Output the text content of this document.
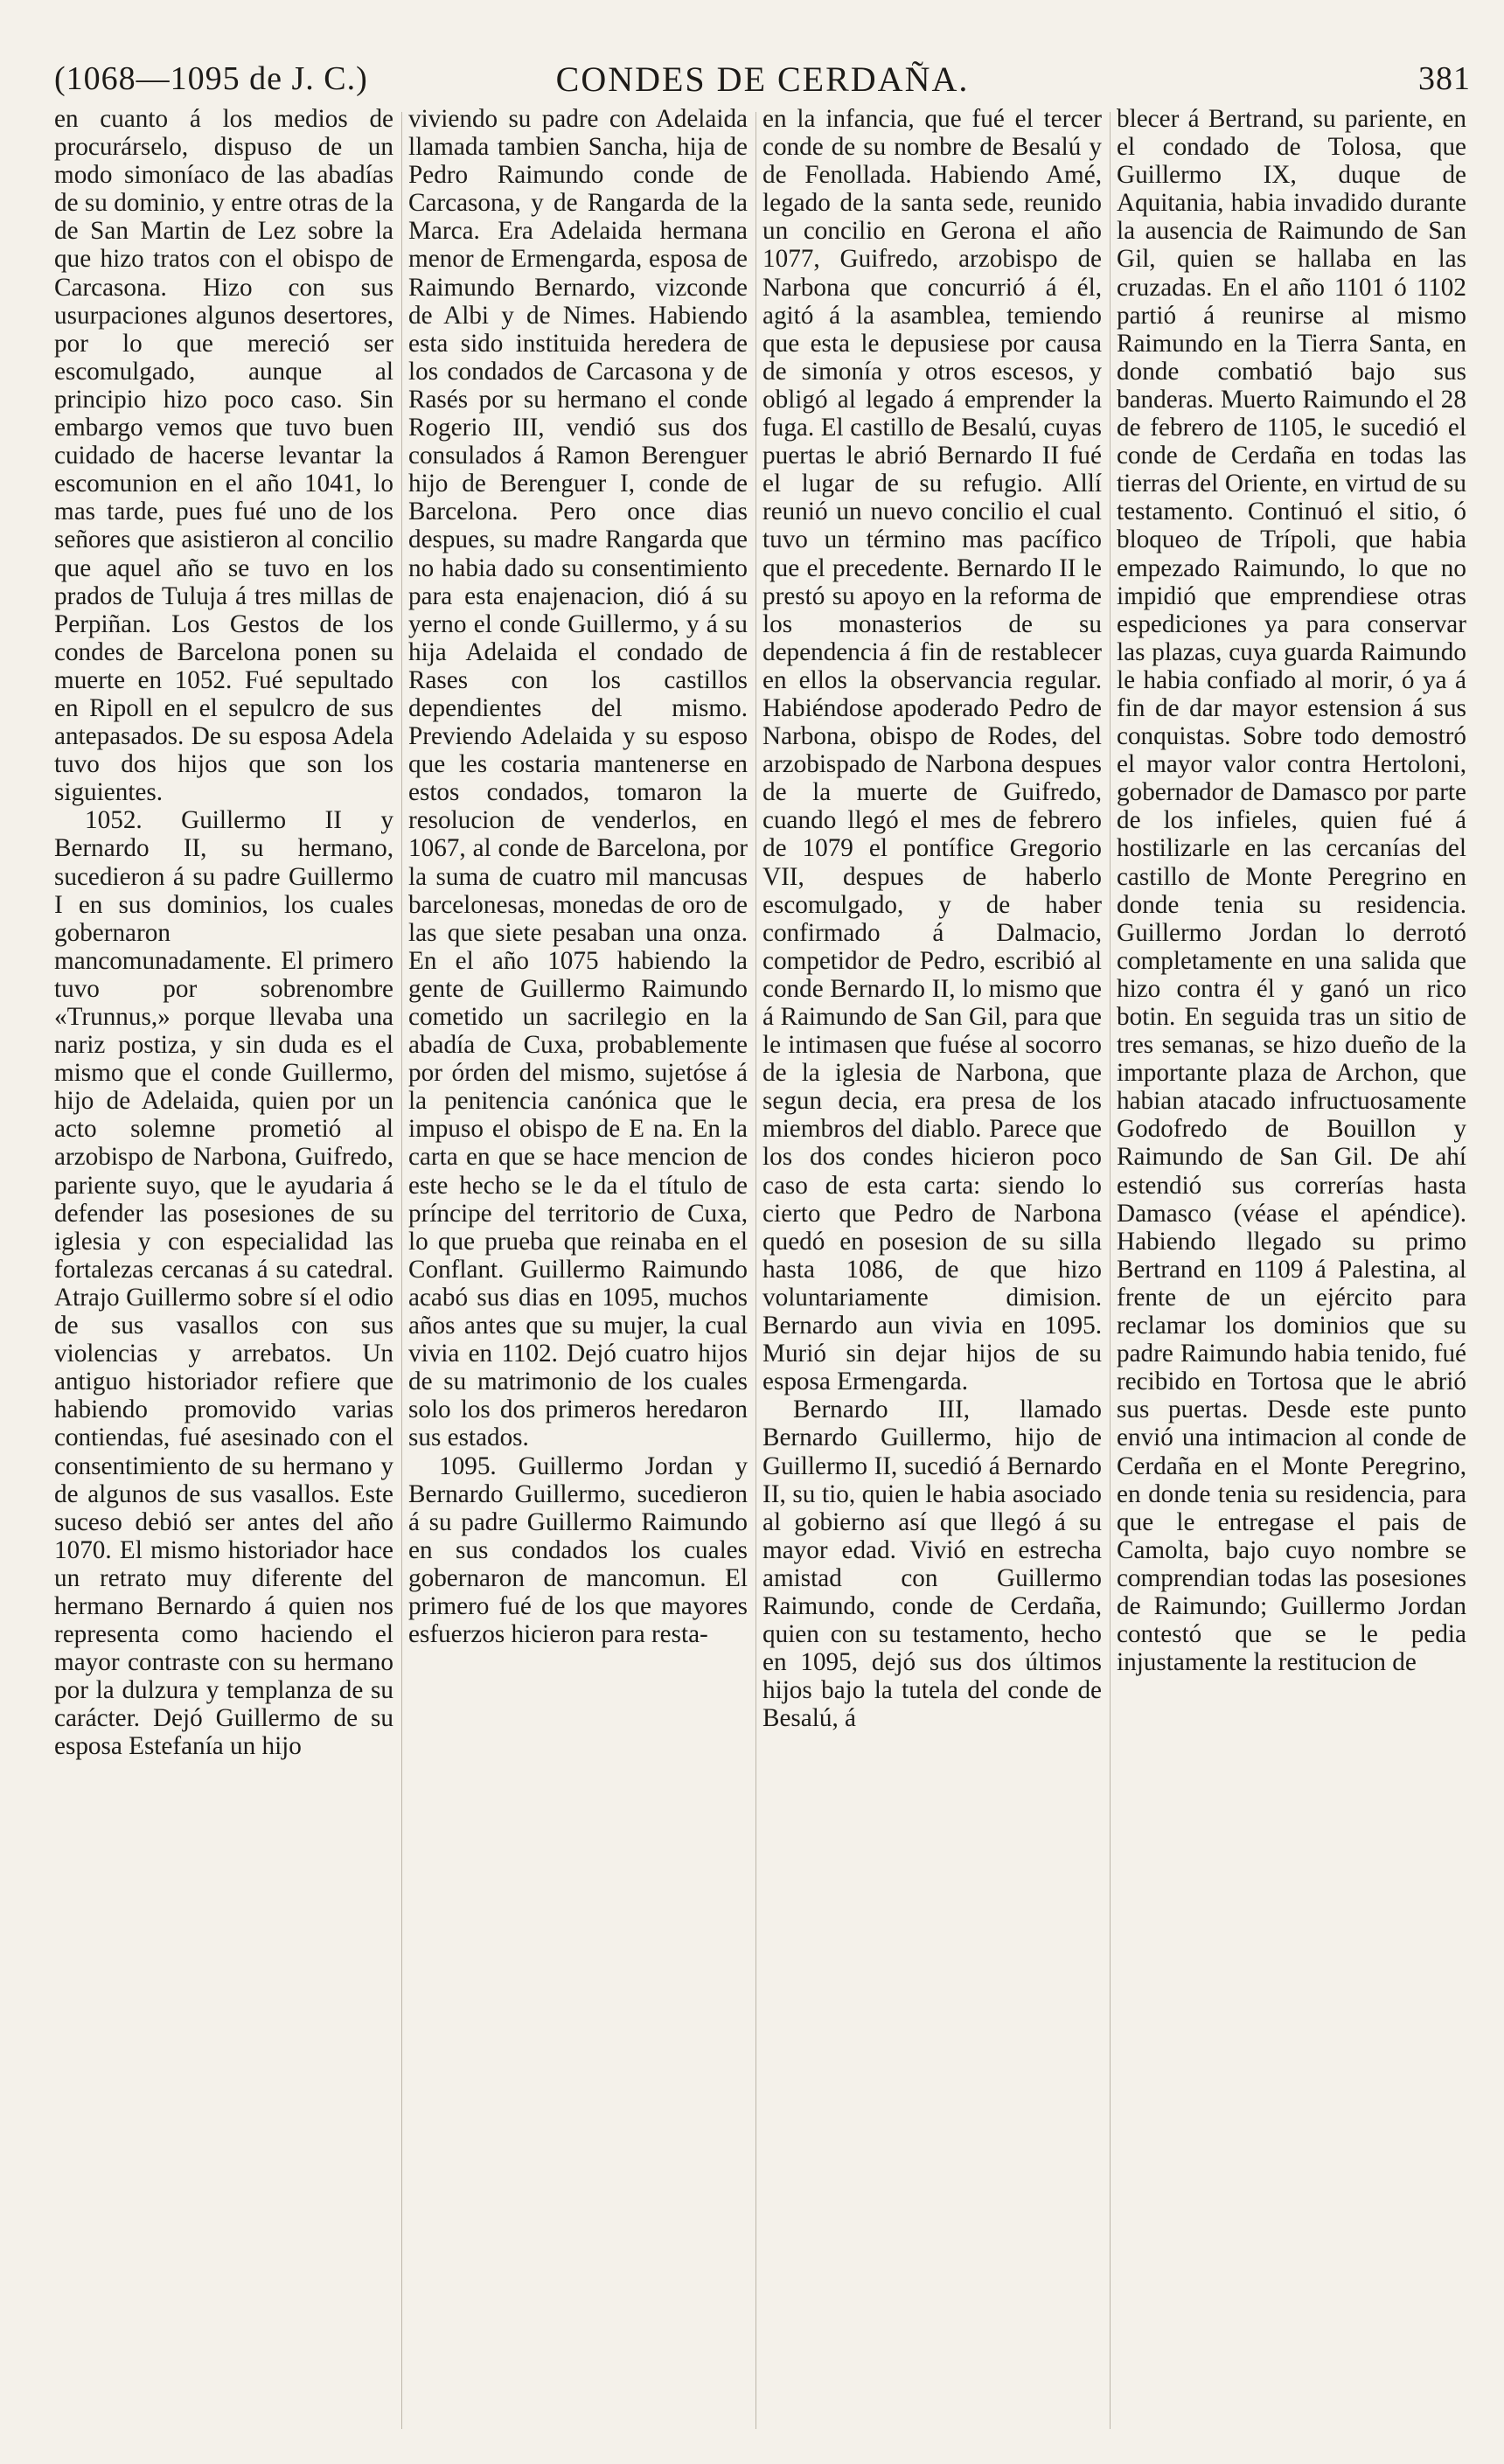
(1068—1095 de J. C.)	CONDES DE CERDAÑA.	381

en cuanto á los medios de procurárselo, dispuso de un modo simoníaco de las abadías de su dominio, y entre otras de la de San Martin de Lez sobre la que hizo tratos con el obispo de Carcasona. Hizo con sus usurpaciones algunos desertores, por lo que mereció ser escomulgado, aunque al principio hizo poco caso. Sin embargo vemos que tuvo buen cuidado de hacerse levantar la escomunion en el año 1041, lo mas tarde, pues fué uno de los señores que asistieron al concilio que aquel año se tuvo en los prados de Tuluja á tres millas de Perpiñan. Los Gestos de los condes de Barcelona ponen su muerte en 1052. Fué sepultado en Ripoll en el sepulcro de sus antepasados. De su esposa Adela tuvo dos hijos que son los siguientes.

1052. Guillermo II y Bernardo II, su hermano, sucedieron á su padre Guillermo I en sus dominios, los cuales gobernaron mancomunadamente. El primero tuvo por sobrenombre «Trunnus,» porque llevaba una nariz postiza, y sin duda es el mismo que el conde Guillermo, hijo de Adelaida, quien por un acto solemne prometió al arzobispo de Narbona, Guifredo, pariente suyo, que le ayudaria á defender las posesiones de su iglesia y con especialidad las fortalezas cercanas á su catedral. Atrajo Guillermo sobre sí el odio de sus vasallos con sus violencias y arrebatos. Un antiguo historiador refiere que habiendo promovido varias contiendas, fué asesinado con el consentimiento de su hermano y de algunos de sus vasallos. Este suceso debió ser antes del año 1070. El mismo historiador hace un retrato muy diferente del hermano Bernardo á quien nos representa como haciendo el mayor contraste con su hermano por la dulzura y templanza de su carácter. Dejó Guillermo de su esposa Estefanía un hijo

viviendo su padre con Adelaida llamada tambien Sancha, hija de Pedro Raimundo conde de Carcasona, y de Rangarda de la Marca. Era Adelaida hermana menor de Ermengarda, esposa de Raimundo Bernardo, vizconde de Albi y de Nimes. Habiendo esta sido instituida heredera de los condados de Carcasona y de Rasés por su hermano el conde Rogerio III, vendió sus dos consulados á Ramon Berenguer hijo de Berenguer I, conde de Barcelona. Pero once dias despues, su madre Rangarda que no habia dado su consentimiento para esta enajenacion, dió á su yerno el conde Guillermo, y á su hija Adelaida el condado de Rases con los castillos dependientes del mismo. Previendo Adelaida y su esposo que les costaria mantenerse en estos condados, tomaron la resolucion de venderlos, en 1067, al conde de Barcelona, por la suma de cuatro mil mancusas barcelonesas, monedas de oro de las que siete pesaban una onza. En el año 1075 habiendo la gente de Guillermo Raimundo cometido un sacrilegio en la abadía de Cuxa, probablemente por órden del mismo, sujetóse á la penitencia canónica que le impuso el obispo de E na. En la carta en que se hace mencion de este hecho se le da el título de príncipe del territorio de Cuxa, lo que prueba que reinaba en el Conflant. Guillermo Raimundo acabó sus dias en 1095, muchos años antes que su mujer, la cual vivia en 1102. Dejó cuatro hijos de su matrimonio de los cuales solo los dos primeros heredaron sus estados.

1095. Guillermo Jordan y Bernardo Guillermo, sucedieron á su padre Guillermo Raimundo en sus condados los cuales gobernaron de mancomun. El primero fué de los que mayores esfuerzos hicieron para resta-

en la infancia, que fué el tercer conde de su nombre de Besalú y de Fenollada. Habiendo Amé, legado de la santa sede, reunido un concilio en Gerona el año 1077, Guifredo, arzobispo de Narbona que concurrió á él, agitó á la asamblea, temiendo que esta le depusiese por causa de simonía y otros escesos, y obligó al legado á emprender la fuga. El castillo de Besalú, cuyas puertas le abrió Bernardo II fué el lugar de su refugio. Allí reunió un nuevo concilio el cual tuvo un término mas pacífico que el precedente. Bernardo II le prestó su apoyo en la reforma de los monasterios de su dependencia á fin de restablecer en ellos la observancia regular. Habiéndose apoderado Pedro de Narbona, obispo de Rodes, del arzobispado de Narbona despues de la muerte de Guifredo, cuando llegó el mes de febrero de 1079 el pontífice Gregorio VII, despues de haberlo escomulgado, y de haber confirmado á Dalmacio, competidor de Pedro, escribió al conde Bernardo II, lo mismo que á Raimundo de San Gil, para que le intimasen que fuése al socorro de la iglesia de Narbona, que segun decia, era presa de los miembros del diablo. Parece que los dos condes hicieron poco caso de esta carta: siendo lo cierto que Pedro de Narbona quedó en posesion de su silla hasta 1086, de que hizo voluntariamente dimision. Bernardo aun vivia en 1095. Murió sin dejar hijos de su esposa Ermengarda.

Bernardo III, llamado Bernardo Guillermo, hijo de Guillermo II, sucedió á Bernardo II, su tio, quien le habia asociado al gobierno así que llegó á su mayor edad. Vivió en estrecha amistad con Guillermo Raimundo, conde de Cerdaña, quien con su testamento, hecho en 1095, dejó sus dos últimos hijos bajo la tutela del conde de Besalú, á

blecer á Bertrand, su pariente, en el condado de Tolosa, que Guillermo IX, duque de Aquitania, habia invadido durante la ausencia de Raimundo de San Gil, quien se hallaba en las cruzadas. En el año 1101 ó 1102 partió á reunirse al mismo Raimundo en la Tierra Santa, en donde combatió bajo sus banderas. Muerto Raimundo el 28 de febrero de 1105, le sucedió el conde de Cerdaña en todas las tierras del Oriente, en virtud de su testamento. Continuó el sitio, ó bloqueo de Trípoli, que habia empezado Raimundo, lo que no impidió que emprendiese otras espediciones ya para conservar las plazas, cuya guarda Raimundo le habia confiado al morir, ó ya á fin de dar mayor estension á sus conquistas. Sobre todo demostró el mayor valor contra Hertoloni, gobernador de Damasco por parte de los infieles, quien fué á hostilizarle en las cercanías del castillo de Monte Peregrino en donde tenia su residencia. Guillermo Jordan lo derrotó completamente en una salida que hizo contra él y ganó un rico botin. En seguida tras un sitio de tres semanas, se hizo dueño de la importante plaza de Archon, que habian atacado infructuosamente Godofredo de Bouillon y Raimundo de San Gil. De ahí estendió sus correrías hasta Damasco (véase el apéndice). Habiendo llegado su primo Bertrand en 1109 á Palestina, al frente de un ejército para reclamar los dominios que su padre Raimundo habia tenido, fué recibido en Tortosa que le abrió sus puertas. Desde este punto envió una intimacion al conde de Cerdaña en el Monte Peregrino, en donde tenia su residencia, para que le entregase el pais de Camolta, bajo cuyo nombre se comprendian todas las posesiones de Raimundo; Guillermo Jordan contestó que se le pedia injustamente la restitucion de
